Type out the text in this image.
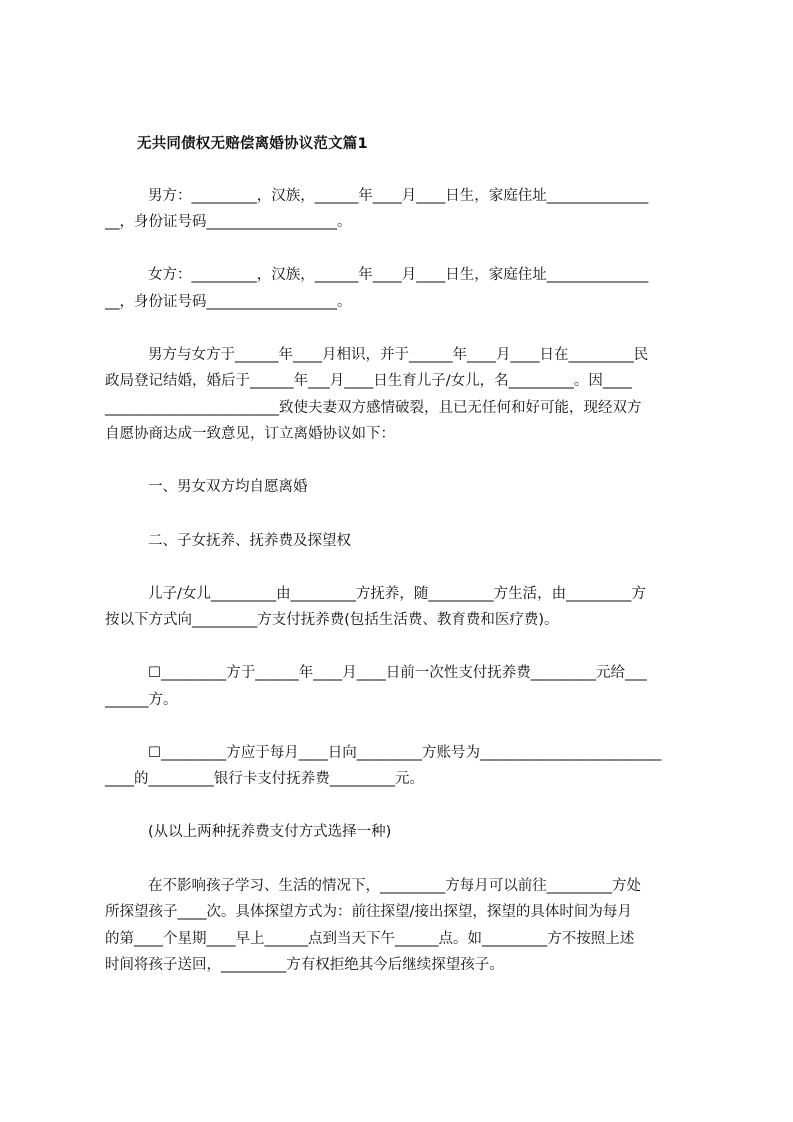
无共同债权无赔偿离婚协议范文篇1
男方：_________，汉族，______年____月____日生，家庭住址______________
__，身份证号码__________________。
女方：_________，汉族，______年____月____日生，家庭住址______________
__，身份证号码__________________。
男方与女方于______年____月相识，并于______年____月____日在_________民
政局登记结婚，婚后于______年___月____日生育儿子/女儿，名_________。因____
________________________致使夫妻双方感情破裂，且已无任何和好可能，现经双方
自愿协商达成一致意见，订立离婚协议如下：
一、男女双方均自愿离婚
二、子女抚养、抚养费及探望权
儿子/女儿_________由_________方抚养，随_________方生活，由_________方
按以下方式向_________方支付抚养费(包括生活费、教育费和医疗费)。
☐_________方于______年____月____日前一次性支付抚养费_________元给___
______方。
☐_________方应于每月____日向_________方账号为_________________________
____的_________银行卡支付抚养费_________元。
(从以上两种抚养费支付方式选择一种)
在不影响孩子学习、生活的情况下，_________方每月可以前往_________方处
所探望孩子____次。具体探望方式为：前往探望/接出探望，探望的具体时间为每月
的第____个星期____早上______点到当天下午______点。如_________方不按照上述
时间将孩子送回，_________方有权拒绝其今后继续探望孩子。
